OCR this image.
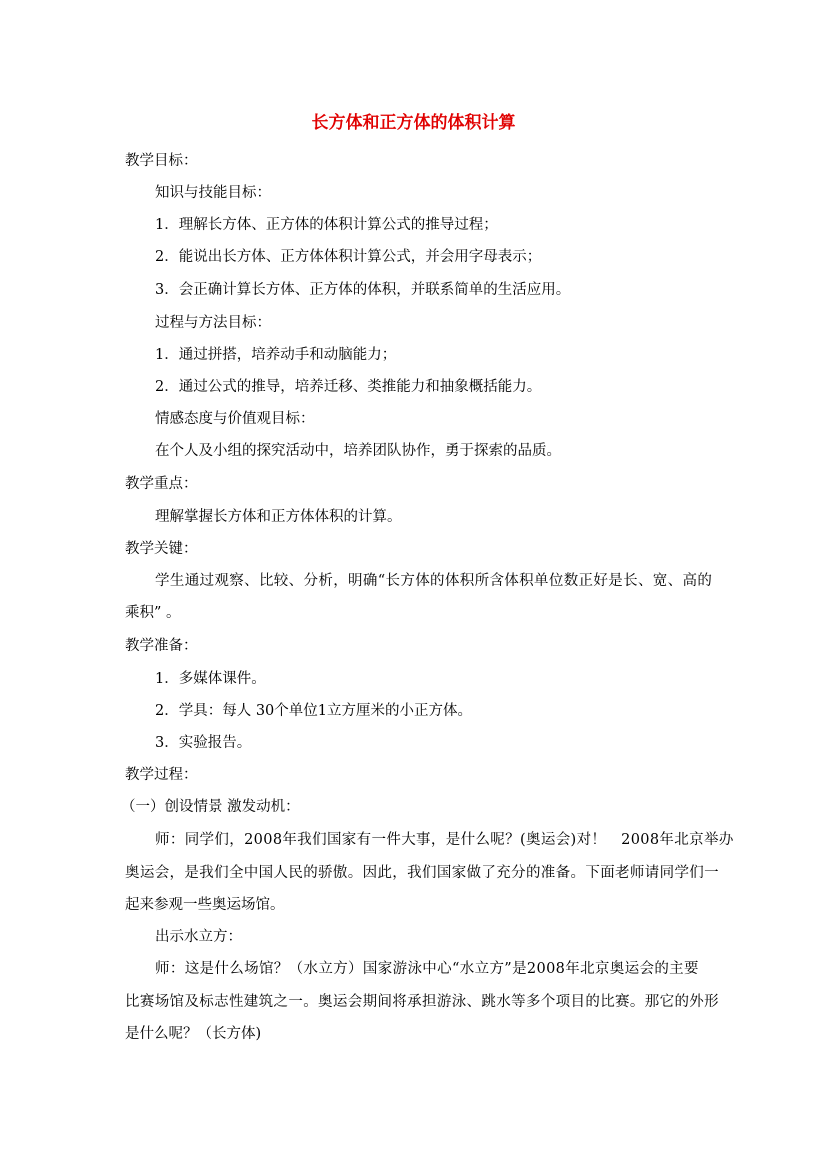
长方体和正方体的体积计算
教学目标：
知识与技能目标：
1．理解长方体、正方体的体积计算公式的推导过程；
2．能说出长方体、正方体体积计算公式，并会用字母表示；
3．会正确计算长方体、正方体的体积，并联系简单的生活应用。
过程与方法目标：
1．通过拼搭，培养动手和动脑能力；
2．通过公式的推导，培养迁移、类推能力和抽象概括能力。
情感态度与价值观目标：
在个人及小组的探究活动中，培养团队协作，勇于探索的品质。
教学重点：
理解掌握长方体和正方体体积的计算。
教学关键：
学生通过观察、比较、分析，明确“长方体的体积所含体积单位数正好是长、宽、高的
乘积” 。
教学准备：
1．多媒体课件。
2．学具：每人 30个单位1立方厘米的小正方体。
3．实验报告。
教学过程：
（一）创设情景 激发动机：
师：同学们，2008年我们国家有一件大事，是什么呢？(奥运会)对！　2008年北京举办
奥运会，是我们全中国人民的骄傲。因此，我们国家做了充分的准备。下面老师请同学们一
起来参观一些奥运场馆。
出示水立方：
师：这是什么场馆？（水立方）国家游泳中心“水立方”是2008年北京奥运会的主要
比赛场馆及标志性建筑之一。奥运会期间将承担游泳、跳水等多个项目的比赛。那它的外形
是什么呢？（长方体)
